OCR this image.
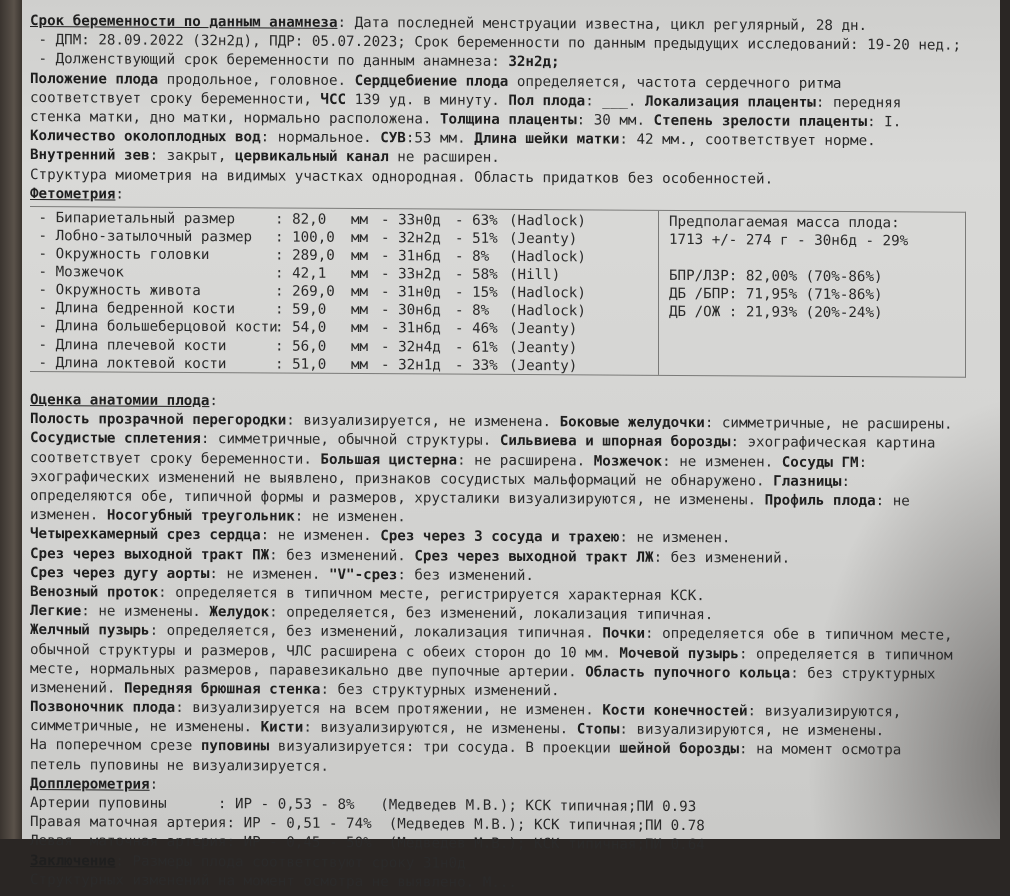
Срок беременности по данным анамнеза: Дата последней менструации известна, цикл регулярный, 28 дн.
- ДПМ: 28.09.2022 (32н2д), ПДР: 05.07.2023; Срок беременности по данным предыдущих исследований: 19-20 нед.;
- Долженствующий срок беременности по данным анамнеза: 32н2д;
Положение плода продольное, головное. Сердцебиение плода определяется, частота сердечного ритма
соответствует сроку беременности, ЧСС 139 уд. в минуту. Пол плода: ___. Локализация плаценты: передняя
стенка матки, дно матки, нормально расположена. Толщина плаценты: 30 мм. Степень зрелости плаценты: I.
Количество околоплодных вод: нормальное. СУВ:53 мм. Длина шейки матки: 42 мм., соответствует норме.
Внутренний зев: закрыт, цервикальный канал не расширен.
Структура миометрия на видимых участках однородная. Область придатков без особенностей.
Фетометрия:
- Бипариетальный размер	: 82,0 мм - 33н0д - 63% (Hadlock)
- Лобно-затылочный размер : 100,0 мм - 32н2д - 51% (Jeanty)
- Окружность головки	: 289,0 мм - 31н6д - 8% (Hadlock)
- Мозжечок	: 42,1 мм - 33н2д - 58% (Hill)
- Окружность живота	: 269,0 мм - 31н0д - 15% (Hadlock)
- Длина бедренной кости	: 59,0 мм - 30н6д - 8% (Hadlock)
- Длина большеберцовой кости: 54,0 мм - 31н6д - 46% (Jeanty)
- Длина плечевой кости	: 56,0 мм - 32н4д - 61% (Jeanty)
- Длина локтевой кости	: 51,0 мм - 32н1д - 33% (Jeanty)
Предполагаемая масса плода:
1713 +/- 274 г - 30н6д - 29%
БПР/ЛЗР: 82,00% (70%-86%)
ДБ /БПР: 71,95% (71%-86%)
ДБ /ОЖ : 21,93% (20%-24%)
Оценка анатомии плода:
Полость прозрачной перегородки: визуализируется, не изменена. Боковые желудочки: симметричные, не расширены.
Сосудистые сплетения: симметричные, обычной структуры. Сильвиева и шпорная борозды: эхографическая картина
соответствует сроку беременности. Большая цистерна: не расширена. Мозжечок: не изменен. Сосуды ГМ:
эхографических изменений не выявлено, признаков сосудистых мальформаций не обнаружено. Глазницы:
определяются обе, типичной формы и размеров, хрусталики визуализируются, не изменены. Профиль плода: не
изменен. Носогубный треугольник: не изменен.
Четырехкамерный срез сердца: не изменен. Срез через 3 сосуда и трахею: не изменен.
Срез через выходной тракт ПЖ: без изменений. Срез через выходной тракт ЛЖ: без изменений.
Срез через дугу аорты: не изменен. "V"-срез: без изменений.
Венозный проток: определяется в типичном месте, регистрируется характерная КСК.
Легкие: не изменены. Желудок: определяется, без изменений, локализация типичная.
Желчный пузырь: определяется, без изменений, локализация типичная. Почки: определяется обе в типичном месте,
обычной структуры и размеров, ЧЛС расширена с обеих сторон до 10 мм. Мочевой пузырь: определяется в типичном
месте, нормальных размеров, паравезикально две пупочные артерии. Область пупочного кольца: без структурных
изменений. Передняя брюшная стенка: без структурных изменений.
Позвоночник плода: визуализируется на всем протяжении, не изменен. Кости конечностей: визуализируются,
симметричные, не изменены. Кисти: визуализируются, не изменены. Стопы: визуализируются, не изменены.
На поперечном срезе пуповины визуализируется: три сосуда. В проекции шейной борозды: на момент осмотра
петель пуповины не визуализируется.
Допплерометрия:
Артерии пуповины      : ИР - 0,53 - 8%   (Медведев М.В.); КСК типичная;ПИ 0.93
Правая маточная артерия: ИР - 0,51 - 74%  (Медведев М.В.); КСК типичная;ПИ 0.78
Левая  маточная артерия: ИР - 0,45 - 50%  (Медведев М.В.); КСК типичная;ПИ 0.64
Заключение: Размеры плода соответствуют сроку 31н0д
Структурных изменений на момент осмотра не выявлено. М...
